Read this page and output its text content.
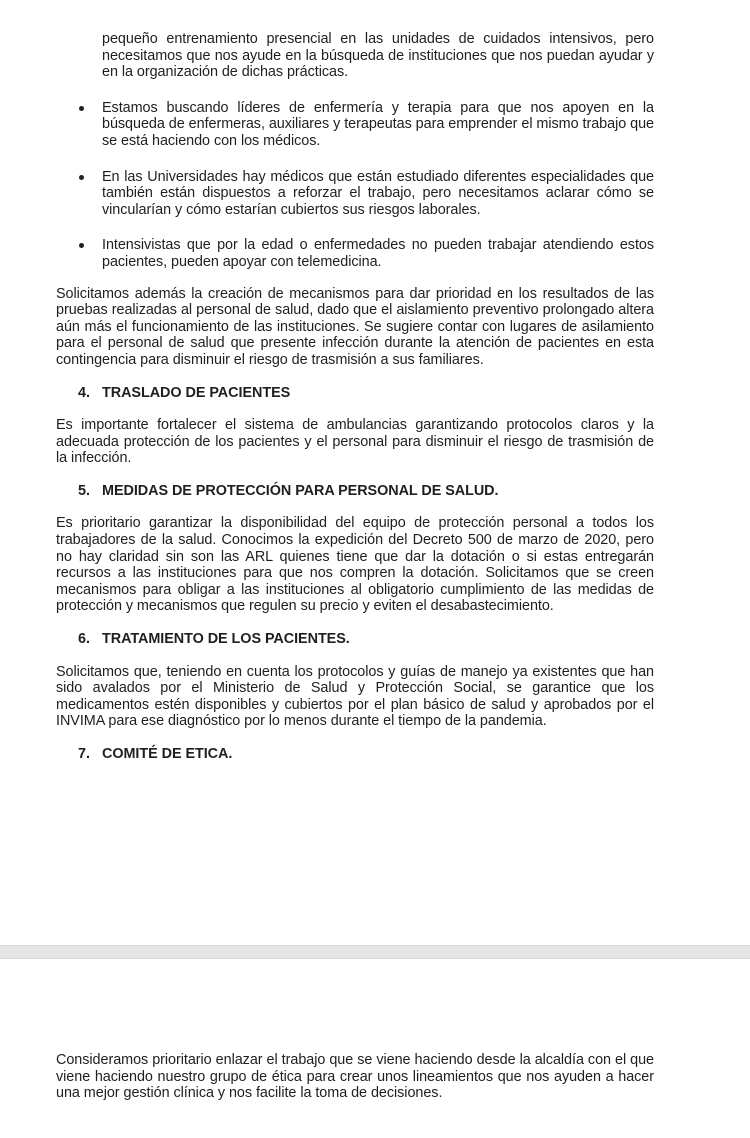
pequeño entrenamiento presencial en las unidades de cuidados intensivos, pero necesitamos que nos ayude en la búsqueda de instituciones que nos puedan ayudar y en la organización de dichas prácticas.
Estamos buscando líderes de enfermería y terapia para que nos apoyen en la búsqueda de enfermeras, auxiliares y terapeutas para emprender el mismo trabajo que se está haciendo con los médicos.
En las Universidades hay médicos que están estudiado diferentes especialidades que también están dispuestos a reforzar el trabajo, pero necesitamos aclarar cómo se vincularían y cómo estarían cubiertos sus riesgos laborales.
Intensivistas que por la edad o enfermedades no pueden trabajar atendiendo estos pacientes, pueden apoyar con telemedicina.

Solicitamos además la creación de mecanismos para dar prioridad en los resultados de las pruebas realizadas al personal de salud, dado que el aislamiento preventivo prolongado altera aún más el funcionamiento de las instituciones. Se sugiere contar con lugares de asilamiento para el personal de salud que presente infección durante la atención de pacientes en esta contingencia para disminuir el riesgo de trasmisión a sus familiares.

4. TRASLADO DE PACIENTES

Es importante fortalecer el sistema de ambulancias garantizando protocolos claros y la adecuada protección de los pacientes y el personal para disminuir el riesgo de trasmisión de la infección.

5. MEDIDAS DE PROTECCIÓN PARA PERSONAL DE SALUD.

Es prioritario garantizar la disponibilidad del equipo de protección personal a todos los trabajadores de la salud. Conocimos la expedición del Decreto 500 de marzo de 2020, pero no hay claridad sin son las ARL quienes tiene que dar la dotación o si estas entregarán recursos a las instituciones para que nos compren la dotación. Solicitamos que se creen mecanismos para obligar a las instituciones al obligatorio cumplimiento de las medidas de protección y mecanismos que regulen su precio y eviten el desabastecimiento.

6. TRATAMIENTO DE LOS PACIENTES.

Solicitamos que, teniendo en cuenta los protocolos y guías de manejo ya existentes que han sido avalados por el Ministerio de Salud y Protección Social, se garantice que los medicamentos estén disponibles y cubiertos por el plan básico de salud y aprobados por el INVIMA para ese diagnóstico por lo menos durante el tiempo de la pandemia.

7. COMITÉ DE ETICA.

Consideramos prioritario enlazar el trabajo que se viene haciendo desde la alcaldía con el que viene haciendo nuestro grupo de ética para crear unos lineamientos que nos ayuden a hacer una mejor gestión clínica y nos facilite la toma de decisiones.
